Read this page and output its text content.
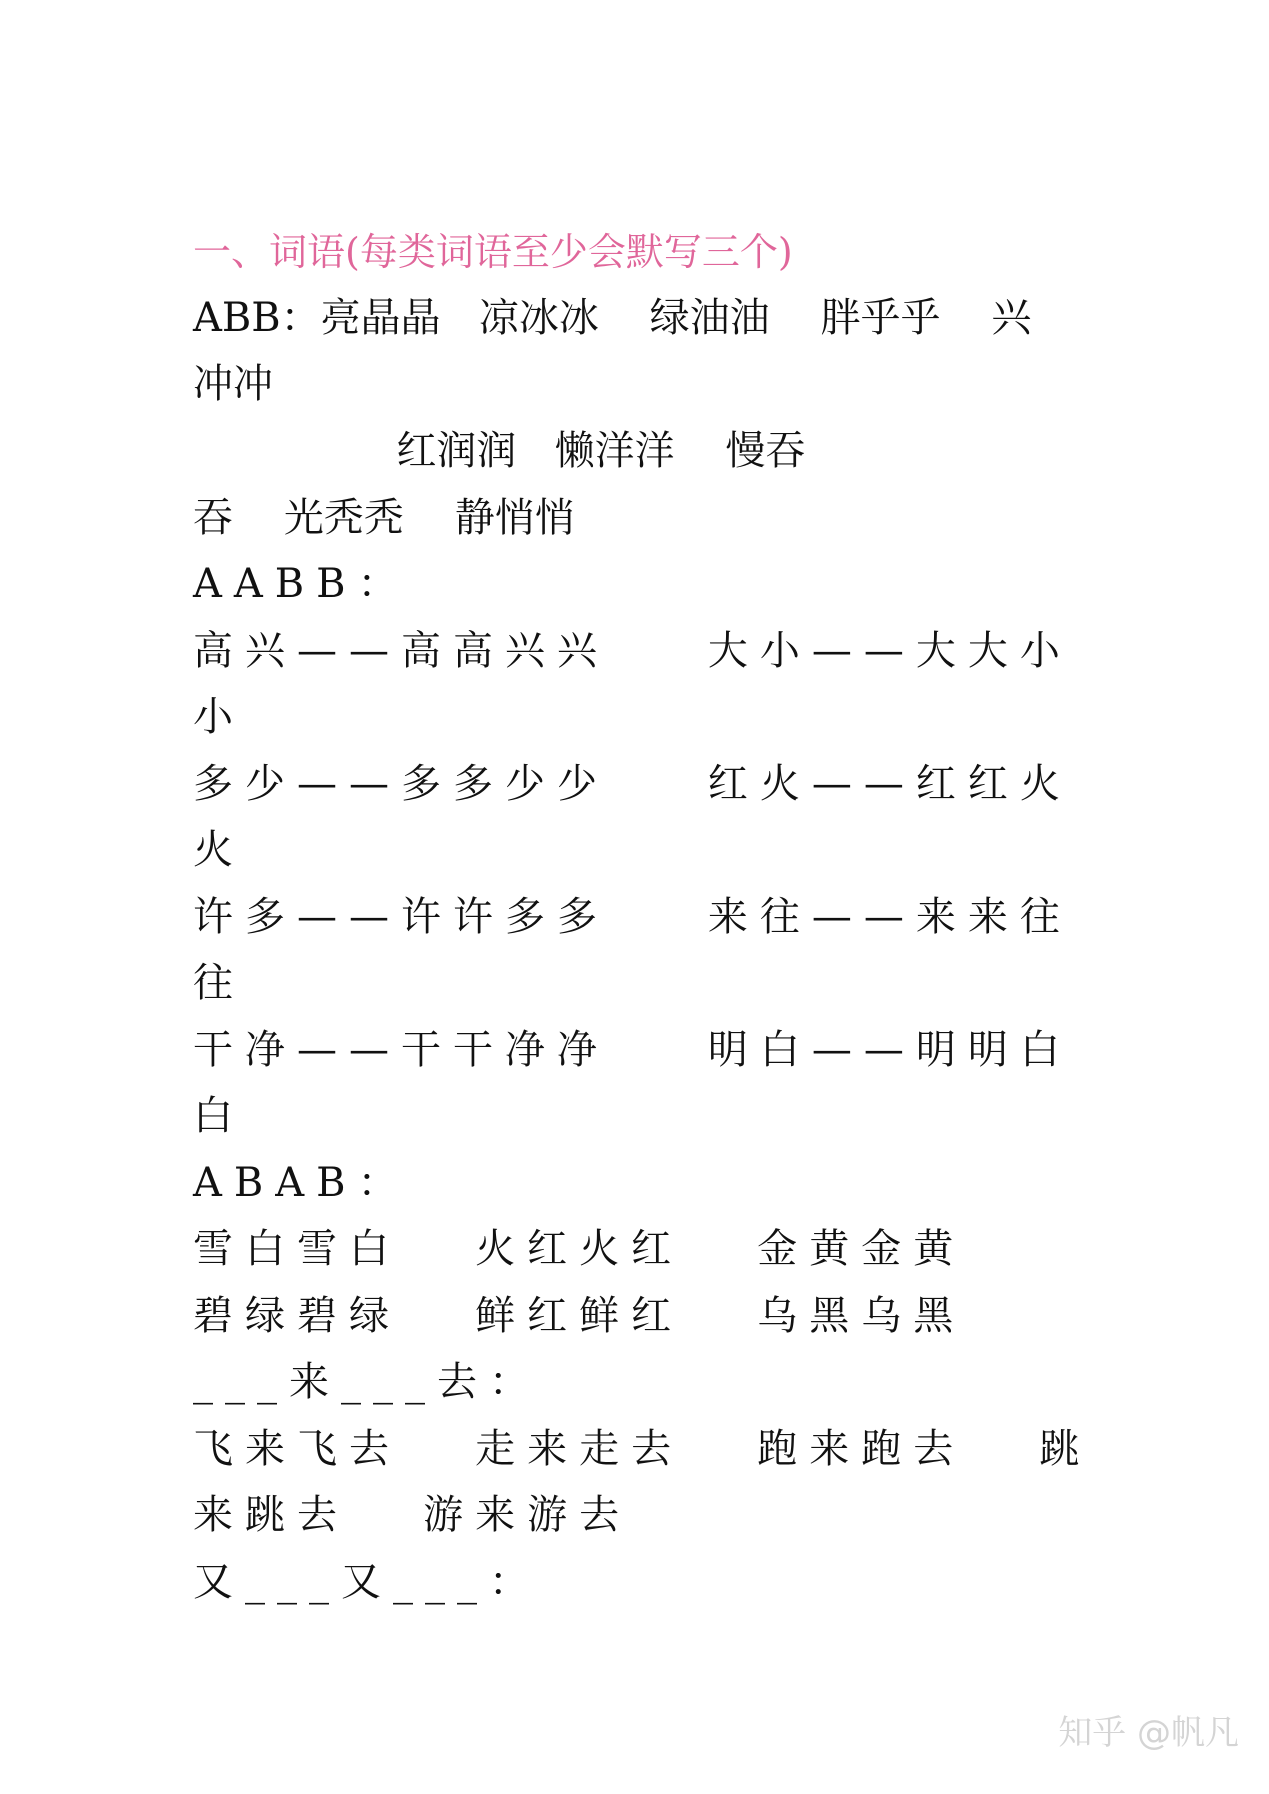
一、词语(每类词语至少会默写三个)
ABB：亮晶晶   凉冰冰    绿油油    胖乎乎    兴
冲冲
红润润   懒洋洋    慢吞
吞    光秃秃    静悄悄
AABB：
高兴——高高兴兴    大小——大大小
小
多少——多多少少    红火——红红火
火
许多——许许多多    来往——来来往
往
干净——干干净净    明白——明明白
白
ABAB：
雪白雪白   火红火红   金黄金黄
碧绿碧绿   鲜红鲜红   乌黑乌黑
___来___去：
飞来飞去   走来走去   跑来跑去   跳
来跳去   游来游去
又___又___：
知乎 @帆凡
